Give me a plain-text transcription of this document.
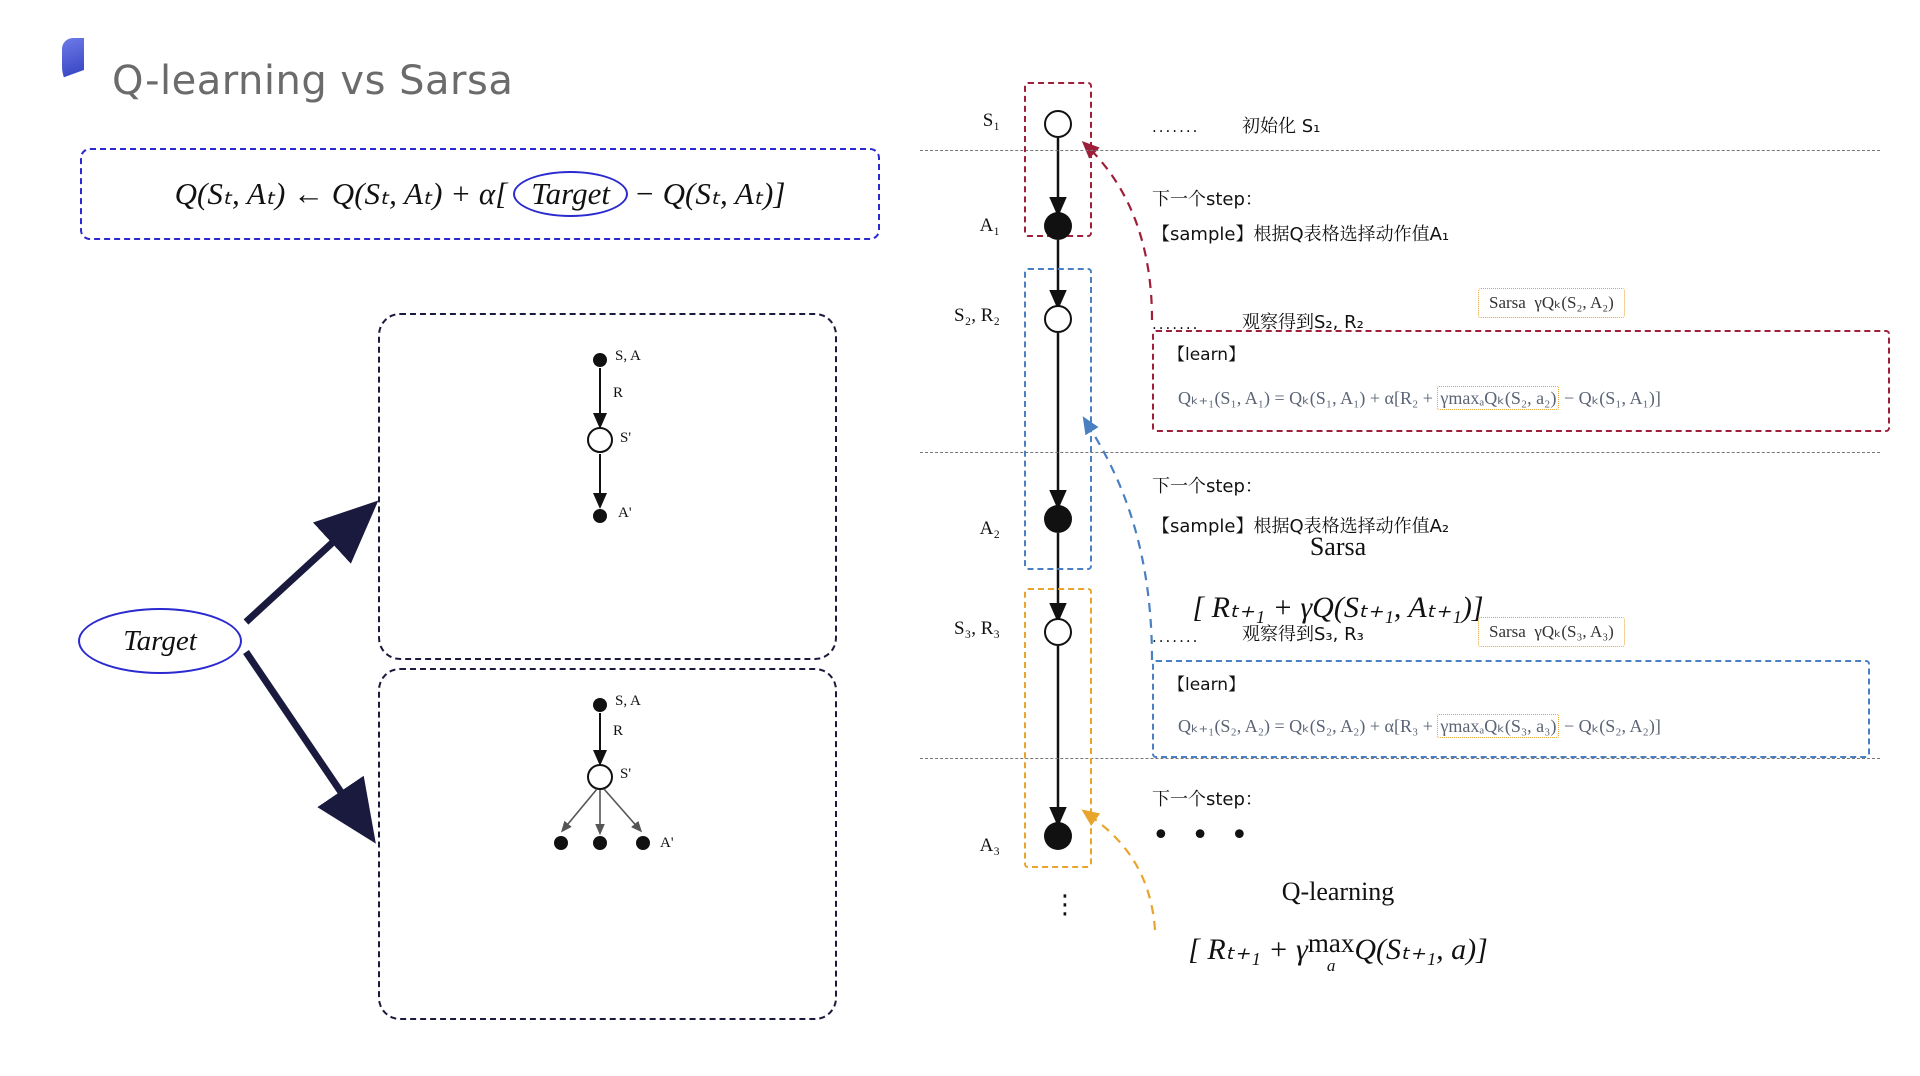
Q-learning vs Sarsa
Q(Sₜ, Aₜ) ← Q(Sₜ, Aₜ) + α[ Target − Q(Sₜ, Aₜ)]
Target
S, A
R
S'
A'
Sarsa
[ Rₜ₊₁ + γQ(Sₜ₊₁, Aₜ₊₁)]
S, A
R
S'
A'
Q-learning
[ Rₜ₊₁ + γ max
a Q(Sₜ₊₁, a)]
S₁
A₁
S₂, R₂
A₂
S₃, R₃
A₃
⋮
....... 初始化 S₁
下一个step：
【sample】根据Q表格选择动作值A₁
....... 观察得到S₂, R₂
Sarsa γQₖ(S₂, A₂)
【learn】
Qₖ₊₁(S₁, A₁) = Qₖ(S₁, A₁) + α[R₂ + γmaxₐQₖ(S₂, a₂) − Qₖ(S₁, A₁)]
下一个step：
【sample】根据Q表格选择动作值A₂
....... 观察得到S₃, R₃	Sarsa γQₖ(S₃, A₃)
【learn】
Qₖ₊₁(S₂, A₂) = Qₖ(S₂, A₂) + α[R₃ + γmaxₐQₖ(S₃, a₃) − Qₖ(S₂, A₂)]
下一个step：
• • •
